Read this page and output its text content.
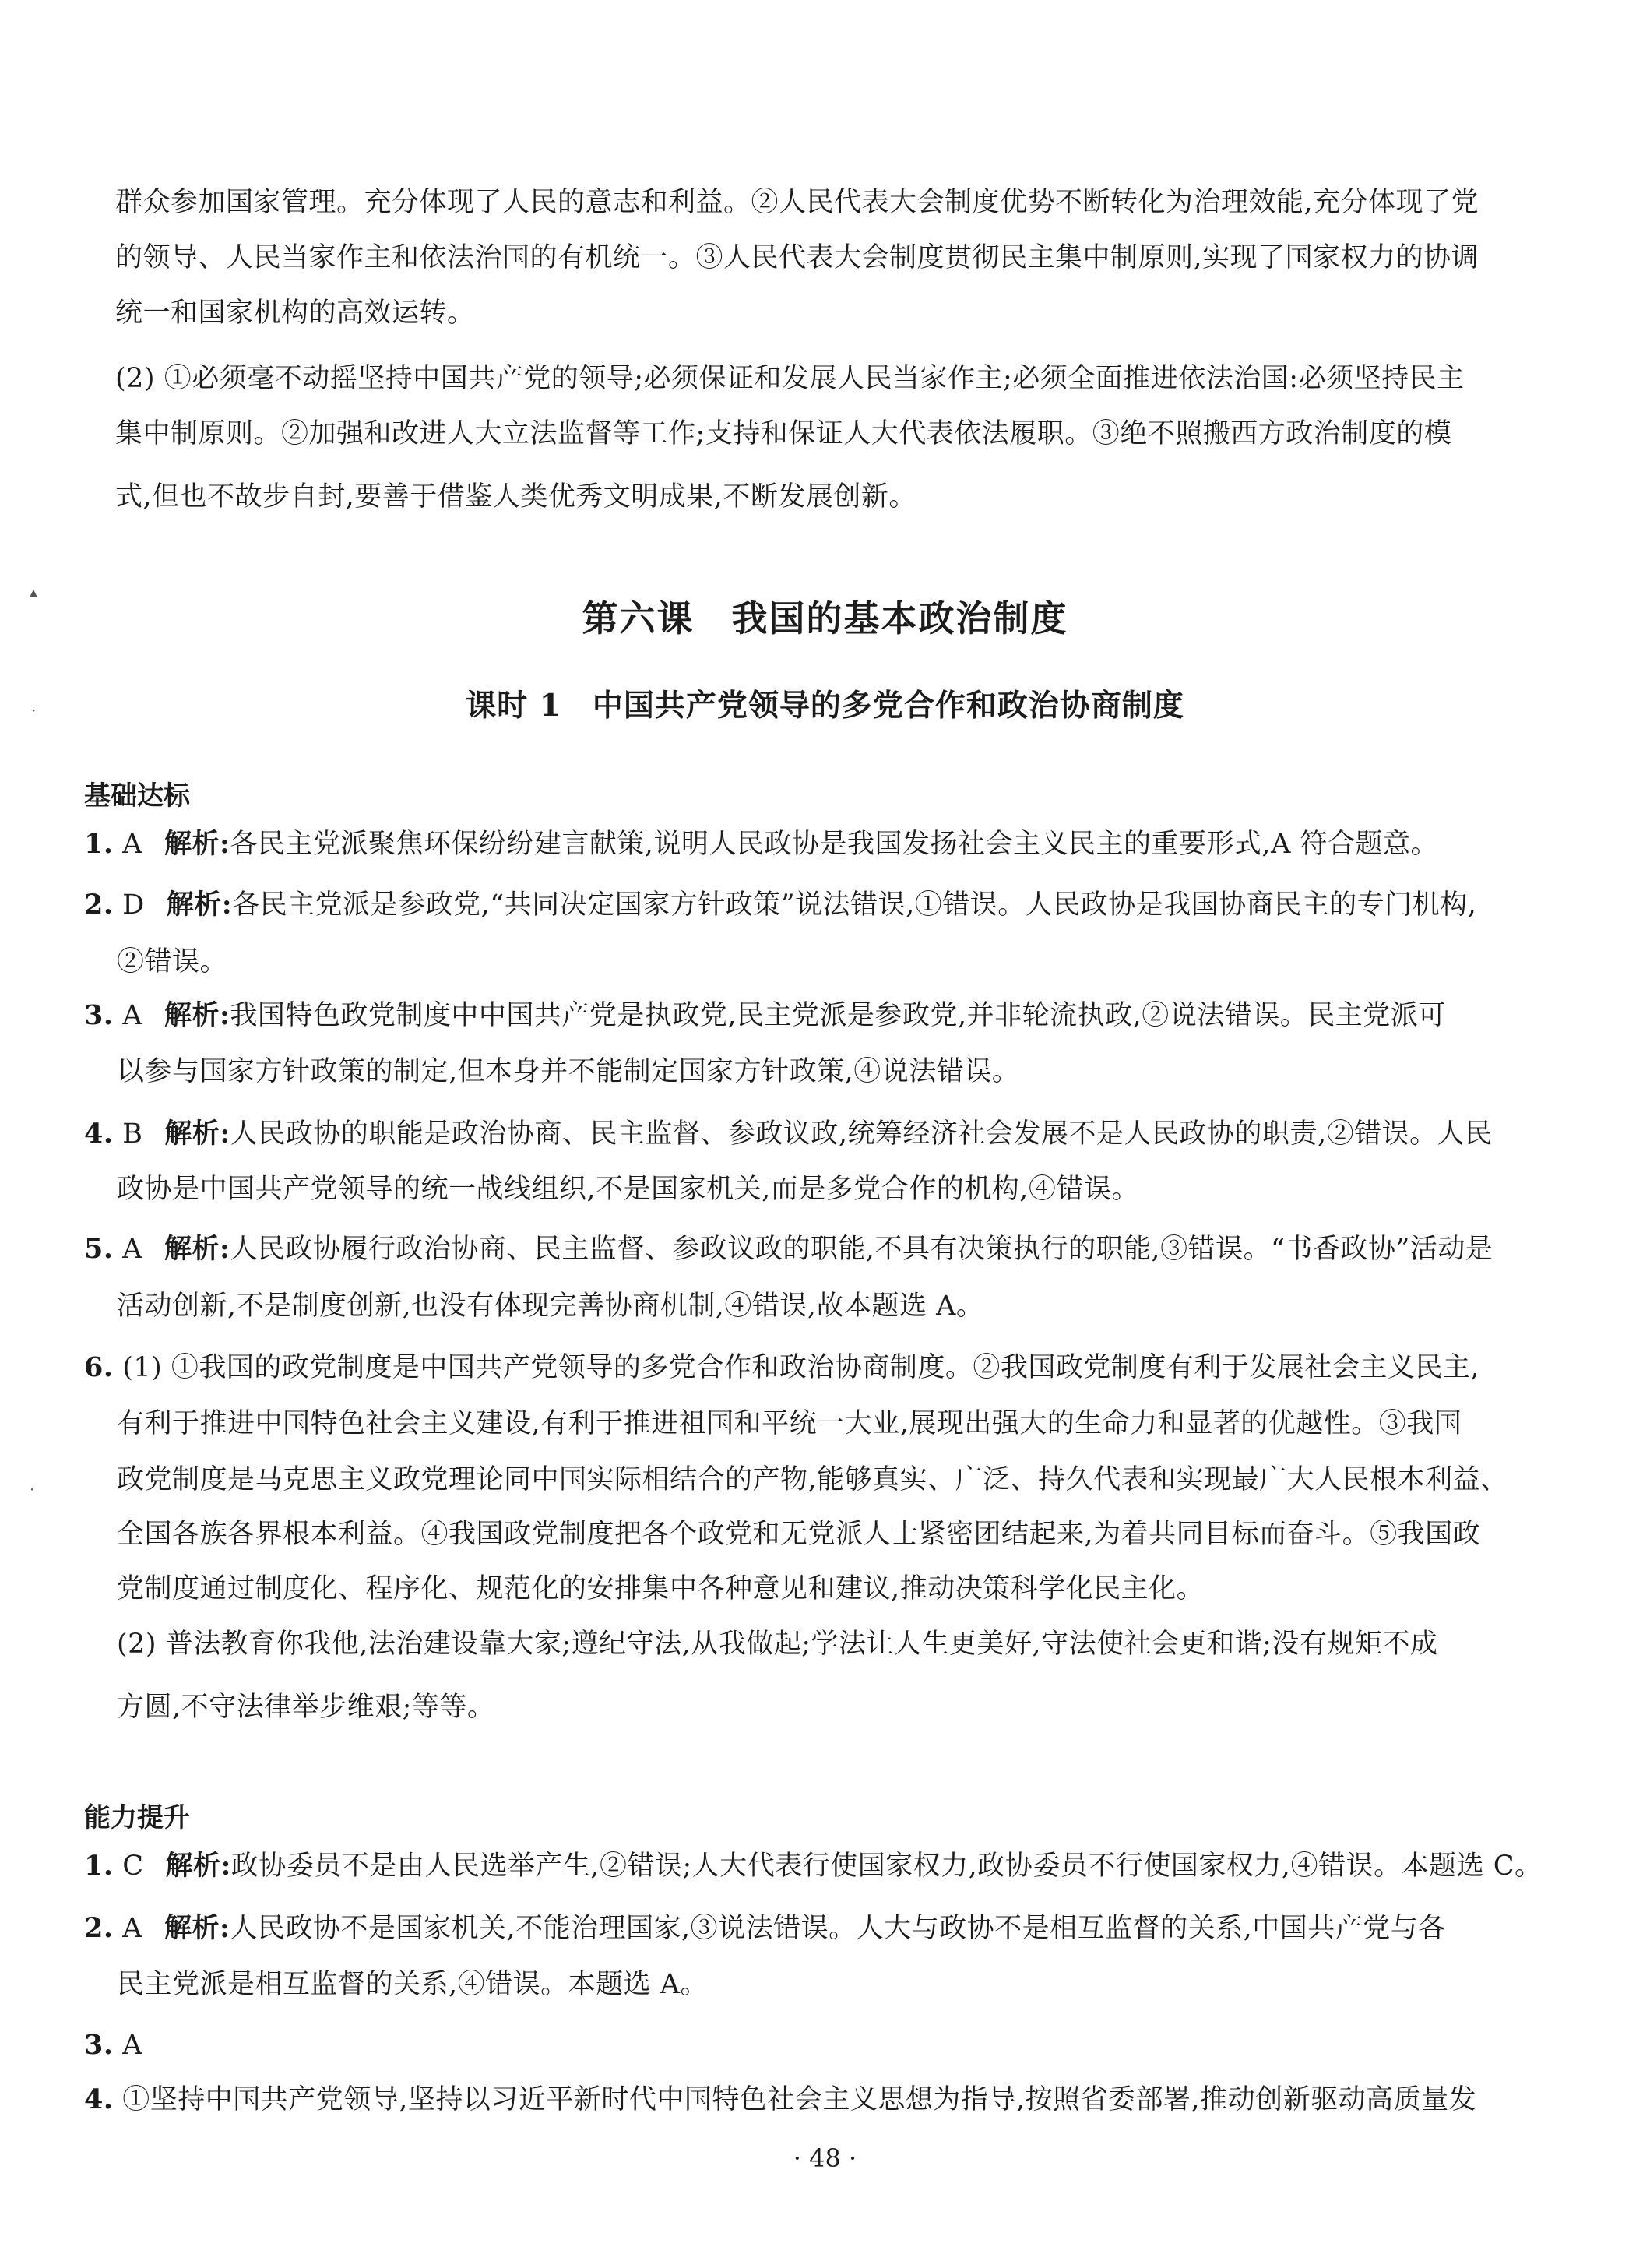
▴
·
·
群众参加国家管理。充分体现了人民的意志和利益。②人民代表大会制度优势不断转化为治理效能,充分体现了党
的领导、人民当家作主和依法治国的有机统一。③人民代表大会制度贯彻民主集中制原则,实现了国家权力的协调
统一和国家机构的高效运转。
(2) ①必须毫不动摇坚持中国共产党的领导;必须保证和发展人民当家作主;必须全面推进依法治国:必须坚持民主
集中制原则。②加强和改进人大立法监督等工作;支持和保证人大代表依法履职。③绝不照搬西方政治制度的模
式,但也不故步自封,要善于借鉴人类优秀文明成果,不断发展创新。
第六课　我国的基本政治制度
课时 1　中国共产党领导的多党合作和政治协商制度
基础达标
1. A 解析:各民主党派聚焦环保纷纷建言献策,说明人民政协是我国发扬社会主义民主的重要形式,A 符合题意。
2. D 解析:各民主党派是参政党,“共同决定国家方针政策”说法错误,①错误。人民政协是我国协商民主的专门机构,
②错误。
3. A 解析:我国特色政党制度中中国共产党是执政党,民主党派是参政党,并非轮流执政,②说法错误。民主党派可
以参与国家方针政策的制定,但本身并不能制定国家方针政策,④说法错误。
4. B 解析:人民政协的职能是政治协商、民主监督、参政议政,统筹经济社会发展不是人民政协的职责,②错误。人民
政协是中国共产党领导的统一战线组织,不是国家机关,而是多党合作的机构,④错误。
5. A 解析:人民政协履行政治协商、民主监督、参政议政的职能,不具有决策执行的职能,③错误。“书香政协”活动是
活动创新,不是制度创新,也没有体现完善协商机制,④错误,故本题选 A。
6. (1) ①我国的政党制度是中国共产党领导的多党合作和政治协商制度。②我国政党制度有利于发展社会主义民主,
有利于推进中国特色社会主义建设,有利于推进祖国和平统一大业,展现出强大的生命力和显著的优越性。③我国
政党制度是马克思主义政党理论同中国实际相结合的产物,能够真实、广泛、持久代表和实现最广大人民根本利益、
全国各族各界根本利益。④我国政党制度把各个政党和无党派人士紧密团结起来,为着共同目标而奋斗。⑤我国政
党制度通过制度化、程序化、规范化的安排集中各种意见和建议,推动决策科学化民主化。
(2) 普法教育你我他,法治建设靠大家;遵纪守法,从我做起;学法让人生更美好,守法使社会更和谐;没有规矩不成
方圆,不守法律举步维艰;等等。
能力提升
1. C 解析:政协委员不是由人民选举产生,②错误;人大代表行使国家权力,政协委员不行使国家权力,④错误。本题选 C。
2. A 解析:人民政协不是国家机关,不能治理国家,③说法错误。人大与政协不是相互监督的关系,中国共产党与各
民主党派是相互监督的关系,④错误。本题选 A。
3. A
4. ①坚持中国共产党领导,坚持以习近平新时代中国特色社会主义思想为指导,按照省委部署,推动创新驱动高质量发
· 48 ·
